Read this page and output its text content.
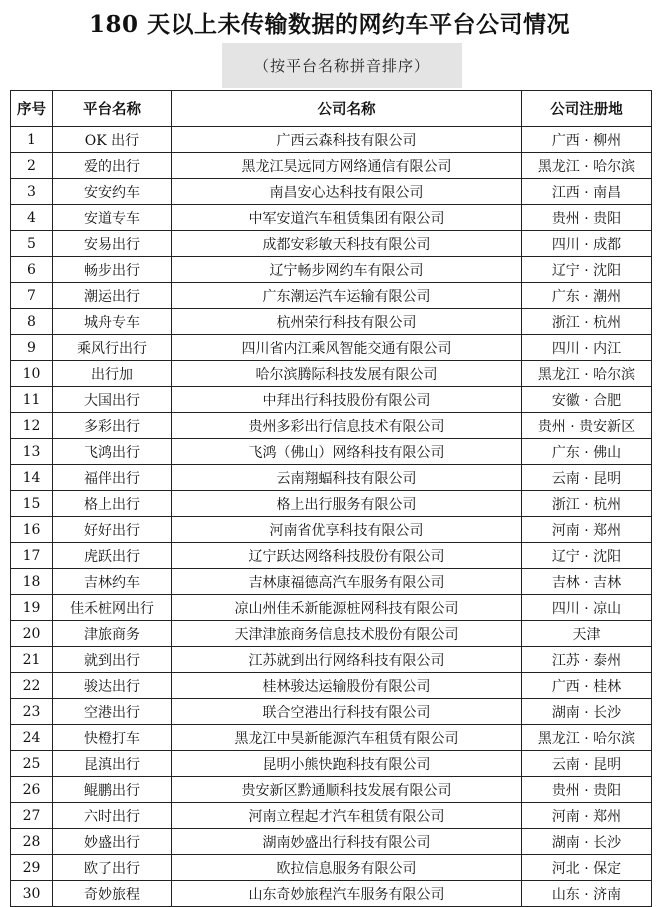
180 天以上未传输数据的网约车平台公司情况
（按平台名称拼音排序）
序号	平台名称	公司名称	公司注册地
1	OK 出行	广西云森科技有限公司	广西 · 柳州
2	爱的出行	黑龙江昊远同方网络通信有限公司	黑龙江 · 哈尔滨
3	安安约车	南昌安心达科技有限公司	江西 · 南昌
4	安道专车	中军安道汽车租赁集团有限公司	贵州 · 贵阳
5	安易出行	成都安彩敏天科技有限公司	四川 · 成都
6	畅步出行	辽宁畅步网约车有限公司	辽宁 · 沈阳
7	潮运出行	广东潮运汽车运输有限公司	广东 · 潮州
8	城舟专车	杭州荣行科技有限公司	浙江 · 杭州
9	乘风行出行	四川省内江乘风智能交通有限公司	四川 · 内江
10	出行加	哈尔滨腾际科技发展有限公司	黑龙江 · 哈尔滨
11	大国出行	中拜出行科技股份有限公司	安徽 · 合肥
12	多彩出行	贵州多彩出行信息技术有限公司	贵州 · 贵安新区
13	飞鸿出行	飞鸿（佛山）网络科技有限公司	广东 · 佛山
14	福伴出行	云南翔蝠科技有限公司	云南 · 昆明
15	格上出行	格上出行服务有限公司	浙江 · 杭州
16	好好出行	河南省优享科技有限公司	河南 · 郑州
17	虎跃出行	辽宁跃达网络科技股份有限公司	辽宁 · 沈阳
18	吉林约车	吉林康福德高汽车服务有限公司	吉林 · 吉林
19	佳禾桩网出行	凉山州佳禾新能源桩网科技有限公司	四川 · 凉山
20	津旅商务	天津津旅商务信息技术股份有限公司	天津
21	就到出行	江苏就到出行网络科技有限公司	江苏 · 泰州
22	骏达出行	桂林骏达运输股份有限公司	广西 · 桂林
23	空港出行	联合空港出行科技有限公司	湖南 · 长沙
24	快橙打车	黑龙江中昊新能源汽车租赁有限公司	黑龙江 · 哈尔滨
25	昆滇出行	昆明小熊快跑科技有限公司	云南 · 昆明
26	鲲鹏出行	贵安新区黔通顺科技发展有限公司	贵州 · 贵阳
27	六时出行	河南立程起才汽车租赁有限公司	河南 · 郑州
28	妙盛出行	湖南妙盛出行科技有限公司	湖南 · 长沙
29	欧了出行	欧拉信息服务有限公司	河北 · 保定
30	奇妙旅程	山东奇妙旅程汽车服务有限公司	山东 · 济南
